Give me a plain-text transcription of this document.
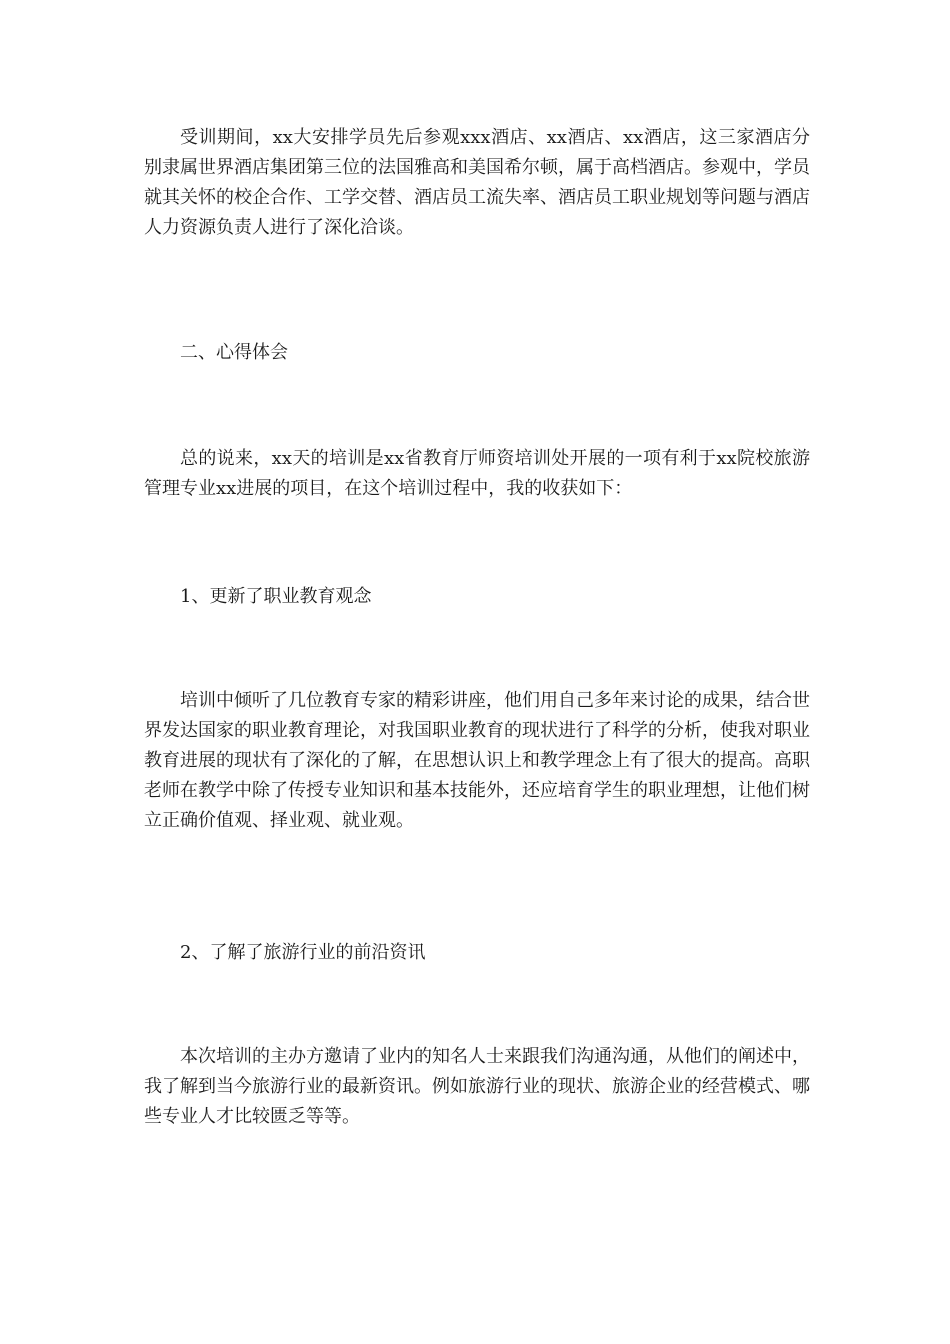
受训期间，xx大安排学员先后参观xxx酒店、xx酒店、xx酒店，这三家酒店分别隶属世界酒店集团第三位的法国雅高和美国希尔顿，属于高档酒店。参观中，学员就其关怀的校企合作、工学交替、酒店员工流失率、酒店员工职业规划等问题与酒店人力资源负责人进行了深化洽谈。

二、心得体会

总的说来，xx天的培训是xx省教育厅师资培训处开展的一项有利于xx院校旅游管理专业xx进展的项目，在这个培训过程中，我的收获如下：

1、更新了职业教育观念

培训中倾听了几位教育专家的精彩讲座，他们用自己多年来讨论的成果，结合世界发达国家的职业教育理论，对我国职业教育的现状进行了科学的分析，使我对职业教育进展的现状有了深化的了解，在思想认识上和教学理念上有了很大的提高。高职老师在教学中除了传授专业知识和基本技能外，还应培育学生的职业理想，让他们树立正确价值观、择业观、就业观。

2、了解了旅游行业的前沿资讯

本次培训的主办方邀请了业内的知名人士来跟我们沟通沟通，从他们的阐述中，我了解到当今旅游行业的最新资讯。例如旅游行业的现状、旅游企业的经营模式、哪些专业人才比较匮乏等等。
